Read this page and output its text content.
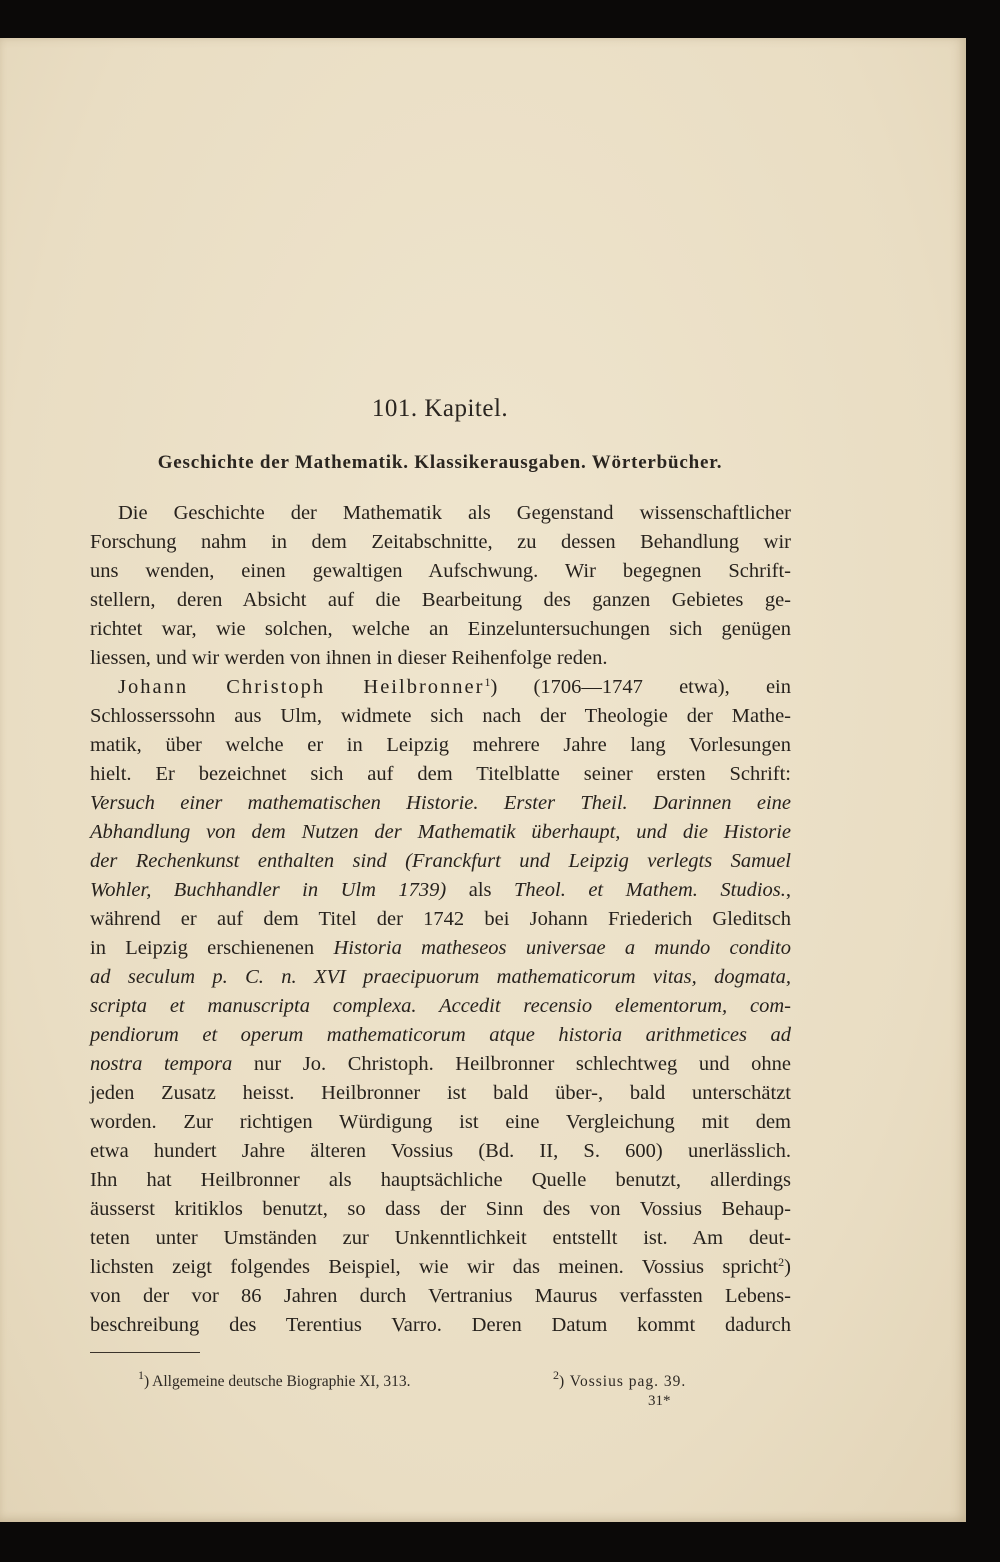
101. Kapitel.
Geschichte der Mathematik. Klassikerausgaben. Wörterbücher.
Die Geschichte der Mathematik als Gegenstand wissenschaftlicher
Forschung nahm in dem Zeitabschnitte, zu dessen Behandlung wir
uns wenden, einen gewaltigen Aufschwung. Wir begegnen Schrift-
stellern, deren Absicht auf die Bearbeitung des ganzen Gebietes ge-
richtet war, wie solchen, welche an Einzeluntersuchungen sich genügen
liessen, und wir werden von ihnen in dieser Reihenfolge reden.
Johann Christoph Heilbronner$^1$) (1706—1747 etwa), ein
Schlosserssohn aus Ulm, widmete sich nach der Theologie der Mathe-
matik, über welche er in Leipzig mehrere Jahre lang Vorlesungen
hielt. Er bezeichnet sich auf dem Titelblatte seiner ersten Schrift:
Versuch einer mathematischen Historie. Erster Theil. Darinnen eine
Abhandlung von dem Nutzen der Mathematik überhaupt, und die Historie
der Rechenkunst enthalten sind (Franckfurt und Leipzig verlegts Samuel
Wohler, Buchhandler in Ulm 1739) als Theol. et Mathem. Studios.,
während er auf dem Titel der 1742 bei Johann Friederich Gleditsch
in Leipzig erschienenen Historia matheseos universae a mundo condito
ad seculum p. C. n. XVI praecipuorum mathematicorum vitas, dogmata,
scripta et manuscripta complexa. Accedit recensio elementorum, com-
pendiorum et operum mathematicorum atque historia arithmetices ad
nostra tempora nur Jo. Christoph. Heilbronner schlechtweg und ohne
jeden Zusatz heisst. Heilbronner ist bald über-, bald unterschätzt
worden. Zur richtigen Würdigung ist eine Vergleichung mit dem
etwa hundert Jahre älteren Vossius (Bd. II, S. 600) unerlässlich.
Ihn hat Heilbronner als hauptsächliche Quelle benutzt, allerdings
äusserst kritiklos benutzt, so dass der Sinn des von Vossius Behaup-
teten unter Umständen zur Unkenntlichkeit entstellt ist. Am deut-
lichsten zeigt folgendes Beispiel, wie wir das meinen. Vossius spricht$^2$)
von der vor 86 Jahren durch Vertranius Maurus verfassten Lebens-
beschreibung des Terentius Varro. Deren Datum kommt dadurch
$^1$) Allgemeine deutsche Biographie XI, 313.	$^2$) Vossius pag. 39.
31*
